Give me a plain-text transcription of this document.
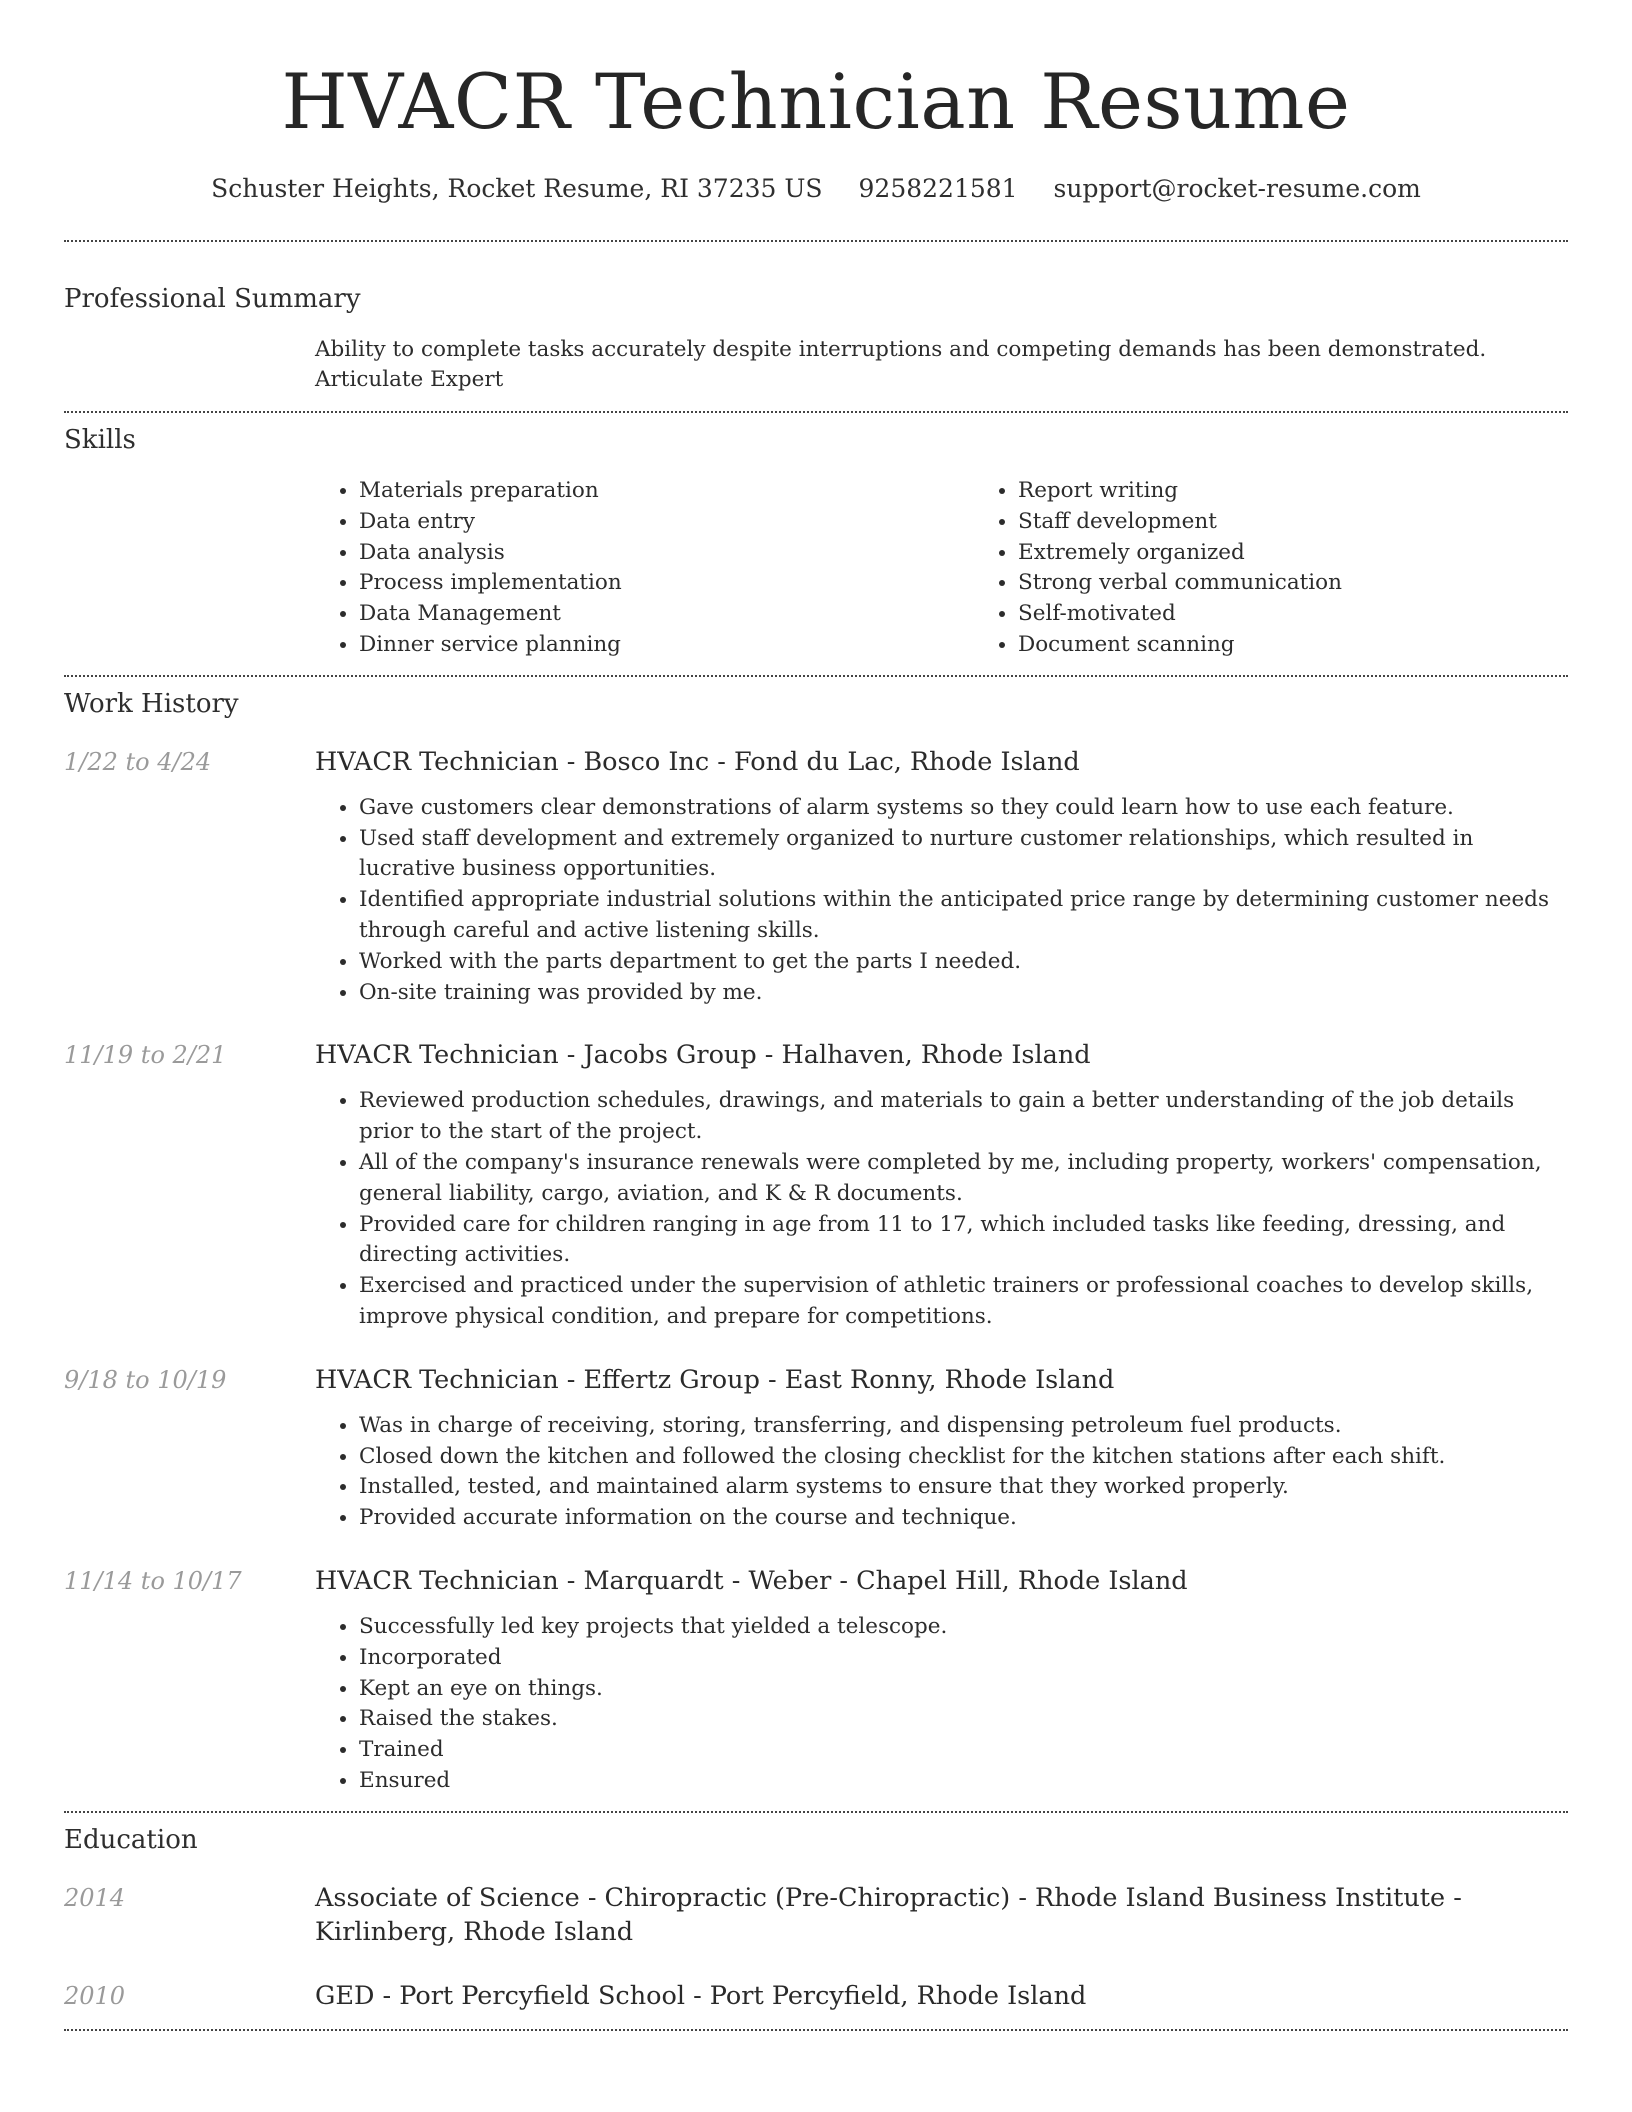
HVACR Technician Resume
Schuster Heights, Rocket Resume, RI 37235 US 9258221581 support@rocket-resume.com
Professional Summary
Ability to complete tasks accurately despite interruptions and competing demands has been demonstrated. Articulate Expert
Skills
• Materials preparation
• Data entry
• Data analysis
• Process implementation
• Data Management
• Dinner service planning
• Report writing
• Staff development
• Extremely organized
• Strong verbal communication
• Self-motivated
• Document scanning
Work History
1/22 to 4/24	HVACR Technician - Bosco Inc - Fond du Lac, Rhode Island
• Gave customers clear demonstrations of alarm systems so they could learn how to use each feature.
• Used staff development and extremely organized to nurture customer relationships, which resulted in lucrative business opportunities.
• Identified appropriate industrial solutions within the anticipated price range by determining customer needs through careful and active listening skills.
• Worked with the parts department to get the parts I needed.
• On-site training was provided by me.
11/19 to 2/21	HVACR Technician - Jacobs Group - Halhaven, Rhode Island
• Reviewed production schedules, drawings, and materials to gain a better understanding of the job details prior to the start of the project.
• All of the company's insurance renewals were completed by me, including property, workers' compensation, general liability, cargo, aviation, and K & R documents.
• Provided care for children ranging in age from 11 to 17, which included tasks like feeding, dressing, and directing activities.
• Exercised and practiced under the supervision of athletic trainers or professional coaches to develop skills, improve physical condition, and prepare for competitions.
9/18 to 10/19	HVACR Technician - Effertz Group - East Ronny, Rhode Island
• Was in charge of receiving, storing, transferring, and dispensing petroleum fuel products.
• Closed down the kitchen and followed the closing checklist for the kitchen stations after each shift.
• Installed, tested, and maintained alarm systems to ensure that they worked properly.
• Provided accurate information on the course and technique.
11/14 to 10/17	HVACR Technician - Marquardt - Weber - Chapel Hill, Rhode Island
• Successfully led key projects that yielded a telescope.
• Incorporated
• Kept an eye on things.
• Raised the stakes.
• Trained
• Ensured
Education
2014	Associate of Science - Chiropractic (Pre-Chiropractic) - Rhode Island Business Institute - Kirlinberg, Rhode Island
2010	GED - Port Percyfield School - Port Percyfield, Rhode Island
